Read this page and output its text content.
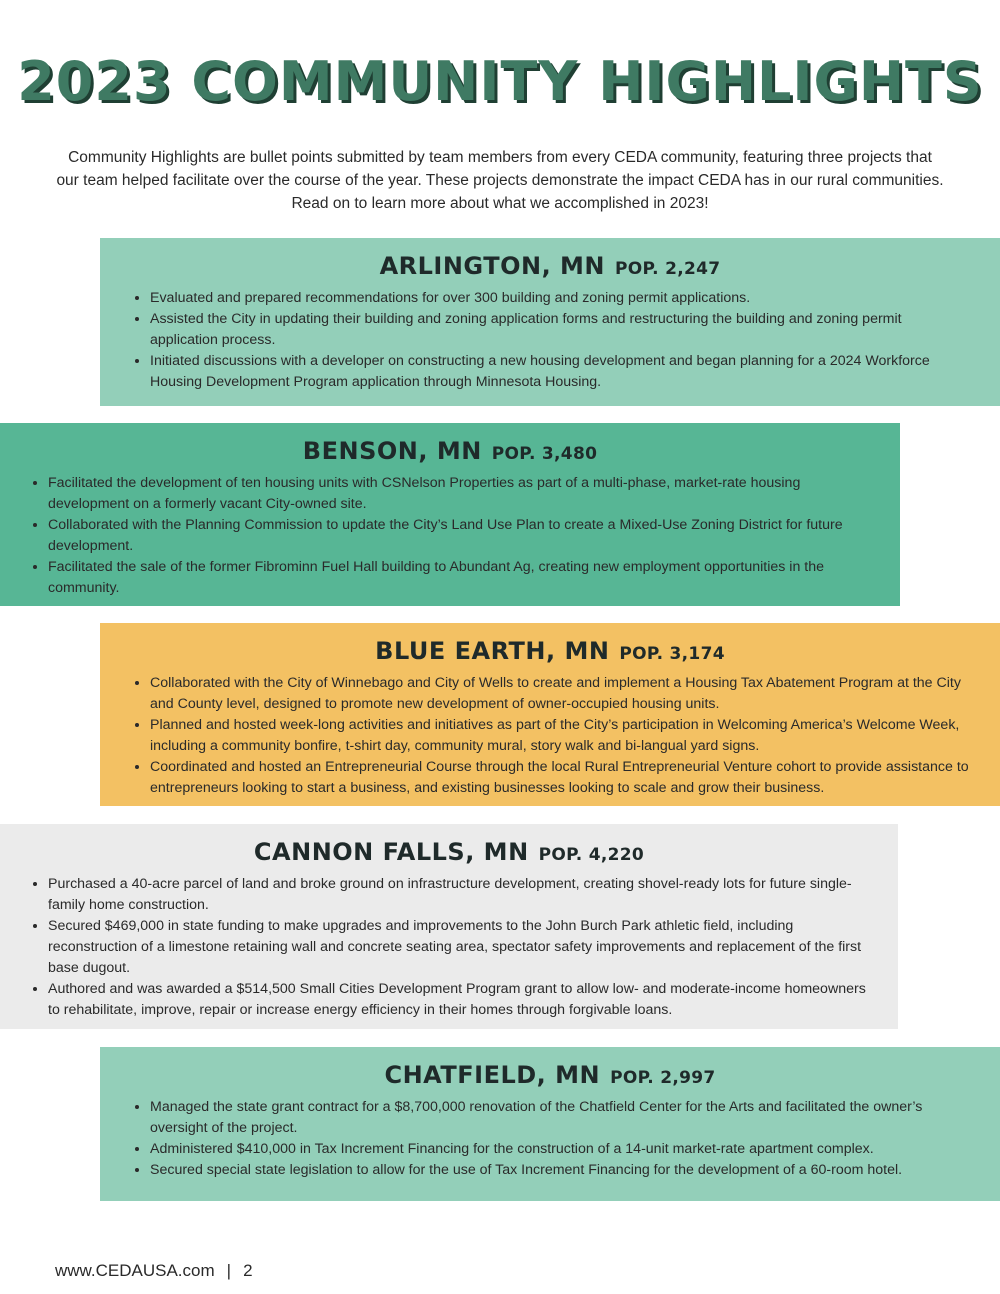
2023 COMMUNITY HIGHLIGHTS

Community Highlights are bullet points submitted by team members from every CEDA community, featuring three projects that our team helped facilitate over the course of the year. These projects demonstrate the impact CEDA has in our rural communities. Read on to learn more about what we accomplished in 2023!

ARLINGTON, MN POP. 2,247
• Evaluated and prepared recommendations for over 300 building and zoning permit applications.
• Assisted the City in updating their building and zoning application forms and restructuring the building and zoning permit application process.
• Initiated discussions with a developer on constructing a new housing development and began planning for a 2024 Workforce Housing Development Program application through Minnesota Housing.
BENSON, MN POP. 3,480
• Facilitated the development of ten housing units with CSNelson Properties as part of a multi-phase, market-rate housing development on a formerly vacant City-owned site.
• Collaborated with the Planning Commission to update the City’s Land Use Plan to create a Mixed-Use Zoning District for future development.
• Facilitated the sale of the former Fibrominn Fuel Hall building to Abundant Ag, creating new employment opportunities in the community.
BLUE EARTH, MN POP. 3,174
• Collaborated with the City of Winnebago and City of Wells to create and implement a Housing Tax Abatement Program at the City and County level, designed to promote new development of owner-occupied housing units.
• Planned and hosted week-long activities and initiatives as part of the City’s participation in Welcoming America’s Welcome Week, including a community bonfire, t-shirt day, community mural, story walk and bi-langual yard signs.
• Coordinated and hosted an Entrepreneurial Course through the local Rural Entrepreneurial Venture cohort to provide assistance to entrepreneurs looking to start a business, and existing businesses looking to scale and grow their business.
CANNON FALLS, MN POP. 4,220
• Purchased a 40-acre parcel of land and broke ground on infrastructure development, creating shovel-ready lots for future single-family home construction.
• Secured $469,000 in state funding to make upgrades and improvements to the John Burch Park athletic field, including reconstruction of a limestone retaining wall and concrete seating area, spectator safety improvements and replacement of the first base dugout.
• Authored and was awarded a $514,500 Small Cities Development Program grant to allow low- and moderate-income homeowners to rehabilitate, improve, repair or increase energy efficiency in their homes through forgivable loans.
CHATFIELD, MN POP. 2,997
• Managed the state grant contract for a $8,700,000 renovation of the Chatfield Center for the Arts and facilitated the owner’s oversight of the project.
• Administered $410,000 in Tax Increment Financing for the construction of a 14-unit market-rate apartment complex.
• Secured special state legislation to allow for the use of Tax Increment Financing for the development of a 60-room hotel.
www.CEDAUSA.com | 2
